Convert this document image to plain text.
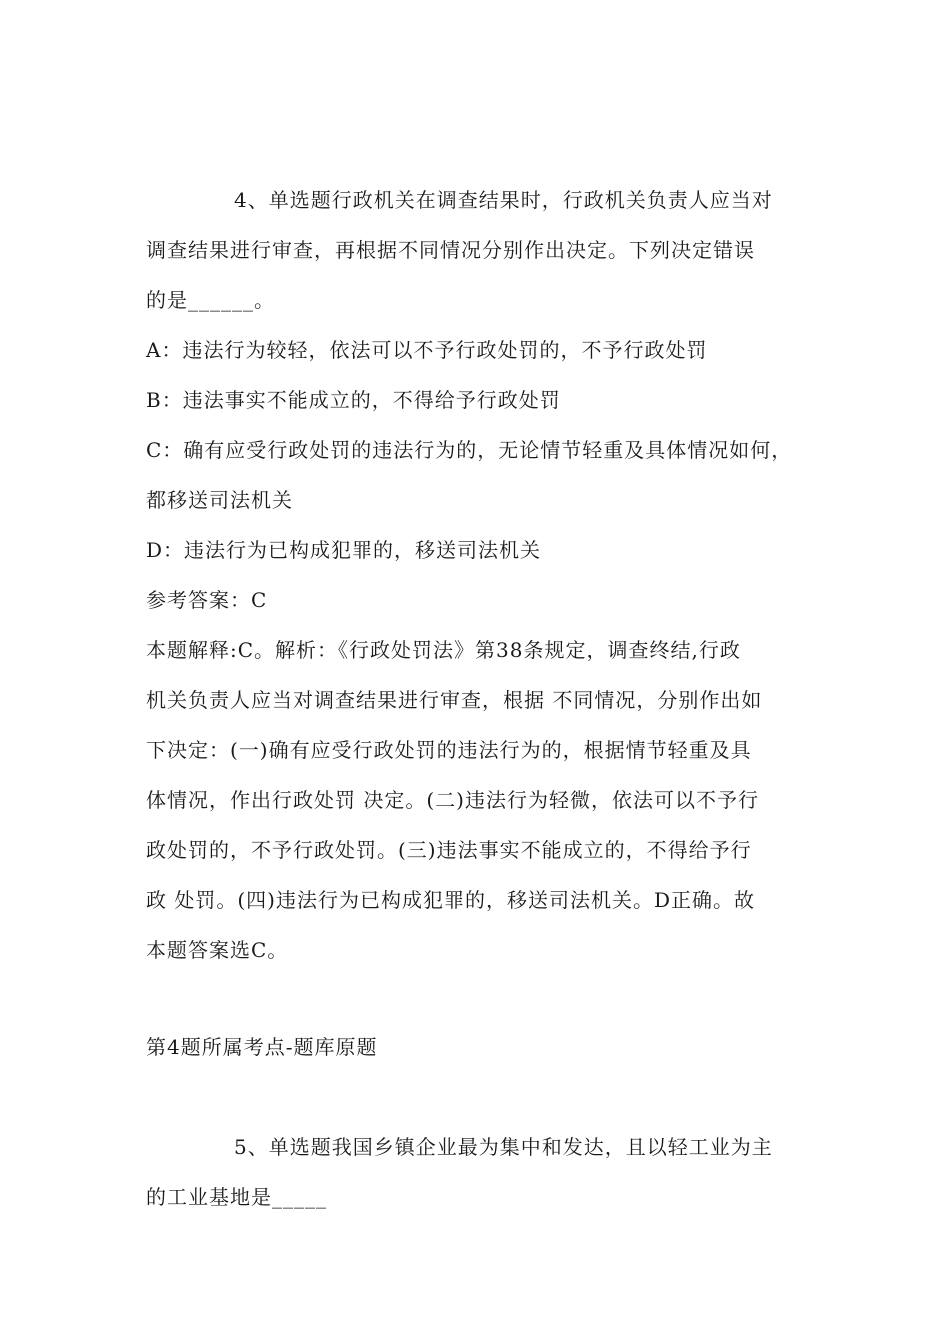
4、单选题行政机关在调查结果时，行政机关负责人应当对
调查结果进行审查，再根据不同情况分别作出决定。下列决定错误
的是______。
A：违法行为较轻，依法可以不予行政处罚的，不予行政处罚
B：违法事实不能成立的，不得给予行政处罚
C：确有应受行政处罚的违法行为的，无论情节轻重及具体情况如何，
都移送司法机关
D：违法行为已构成犯罪的，移送司法机关
参考答案：C
本题解释:C。解析：《行政处罚法》第38条规定，调查终结,行政
机关负责人应当对调查结果进行审查，根据 不同情况，分别作出如
下决定：(一)确有应受行政处罚的违法行为的，根据情节轻重及具
体情况，作出行政处罚 决定。(二)违法行为轻微，依法可以不予行
政处罚的，不予行政处罚。(三)违法事实不能成立的，不得给予行
政 处罚。(四)违法行为已构成犯罪的，移送司法机关。D正确。故
本题答案选C。
第4题所属考点-题库原题
5、单选题我国乡镇企业最为集中和发达，且以轻工业为主
的工业基地是_____
